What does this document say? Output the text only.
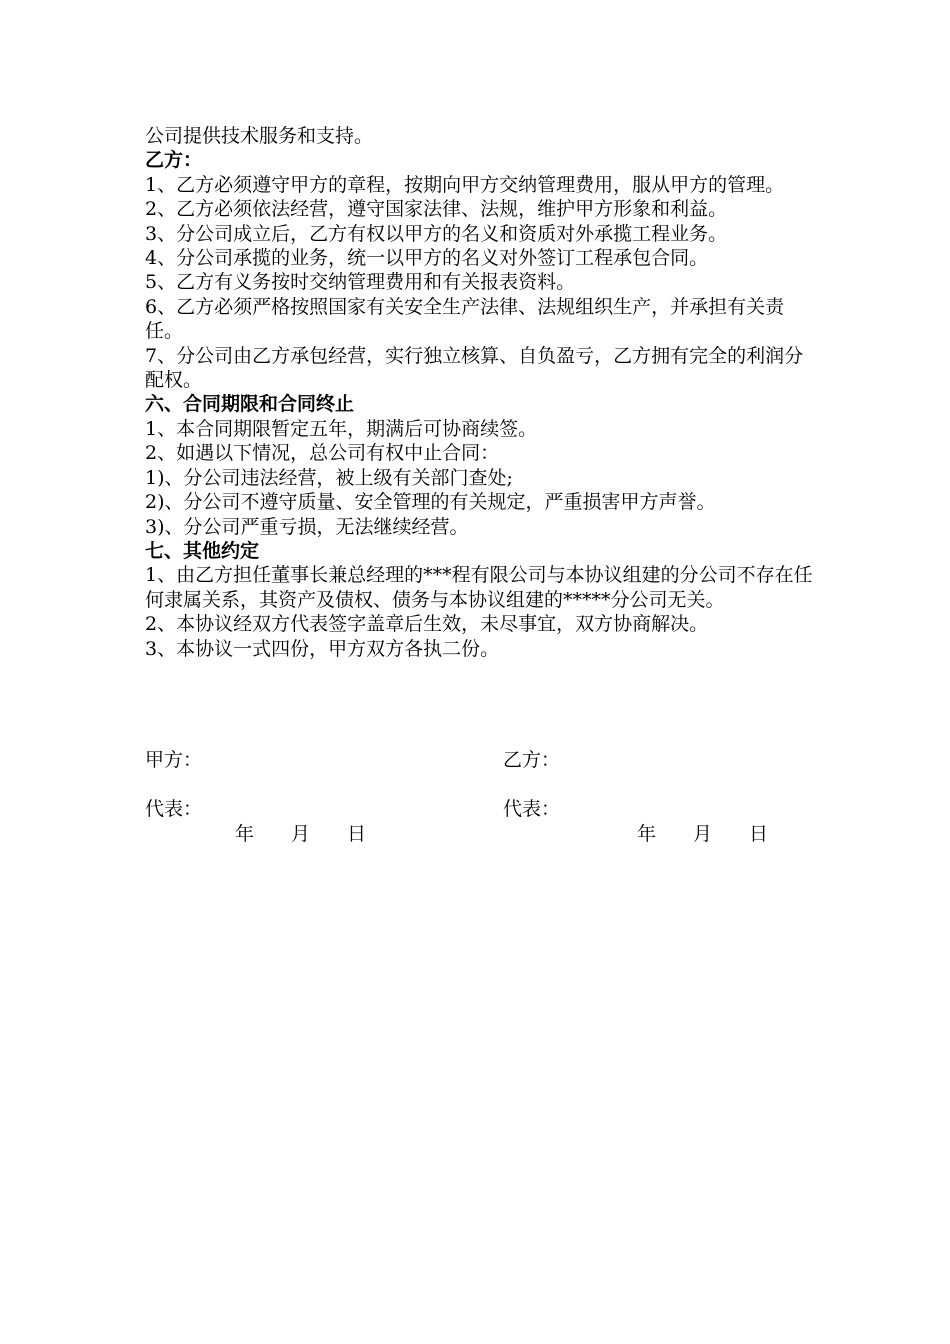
公司提供技术服务和支持。

乙方：

1、乙方必须遵守甲方的章程，按期向甲方交纳管理费用，服从甲方的管理。

2、乙方必须依法经营，遵守国家法律、法规，维护甲方形象和利益。

3、分公司成立后，乙方有权以甲方的名义和资质对外承揽工程业务。

4、分公司承揽的业务，统一以甲方的名义对外签订工程承包合同。

5、乙方有义务按时交纳管理费用和有关报表资料。

6、乙方必须严格按照国家有关安全生产法律、法规组织生产，并承担有关责任。

7、分公司由乙方承包经营，实行独立核算、自负盈亏，乙方拥有完全的利润分配权。

六、合同期限和合同终止

1、本合同期限暂定五年，期满后可协商续签。

2、如遇以下情况，总公司有权中止合同：

1)、分公司违法经营，被上级有关部门查处;

2)、分公司不遵守质量、安全管理的有关规定，严重损害甲方声誉。

3)、分公司严重亏损，无法继续经营。

七、其他约定

1、由乙方担任董事长兼总经理的***程有限公司与本协议组建的分公司不存在任何隶属关系，其资产及债权、债务与本协议组建的*****分公司无关。

2、本协议经双方代表签字盖章后生效，未尽事宜，双方协商解决。

3、本协议一式四份，甲方双方各执二份。

甲方：	乙方：
代表：	代表：
年 月 日	年 月 日
